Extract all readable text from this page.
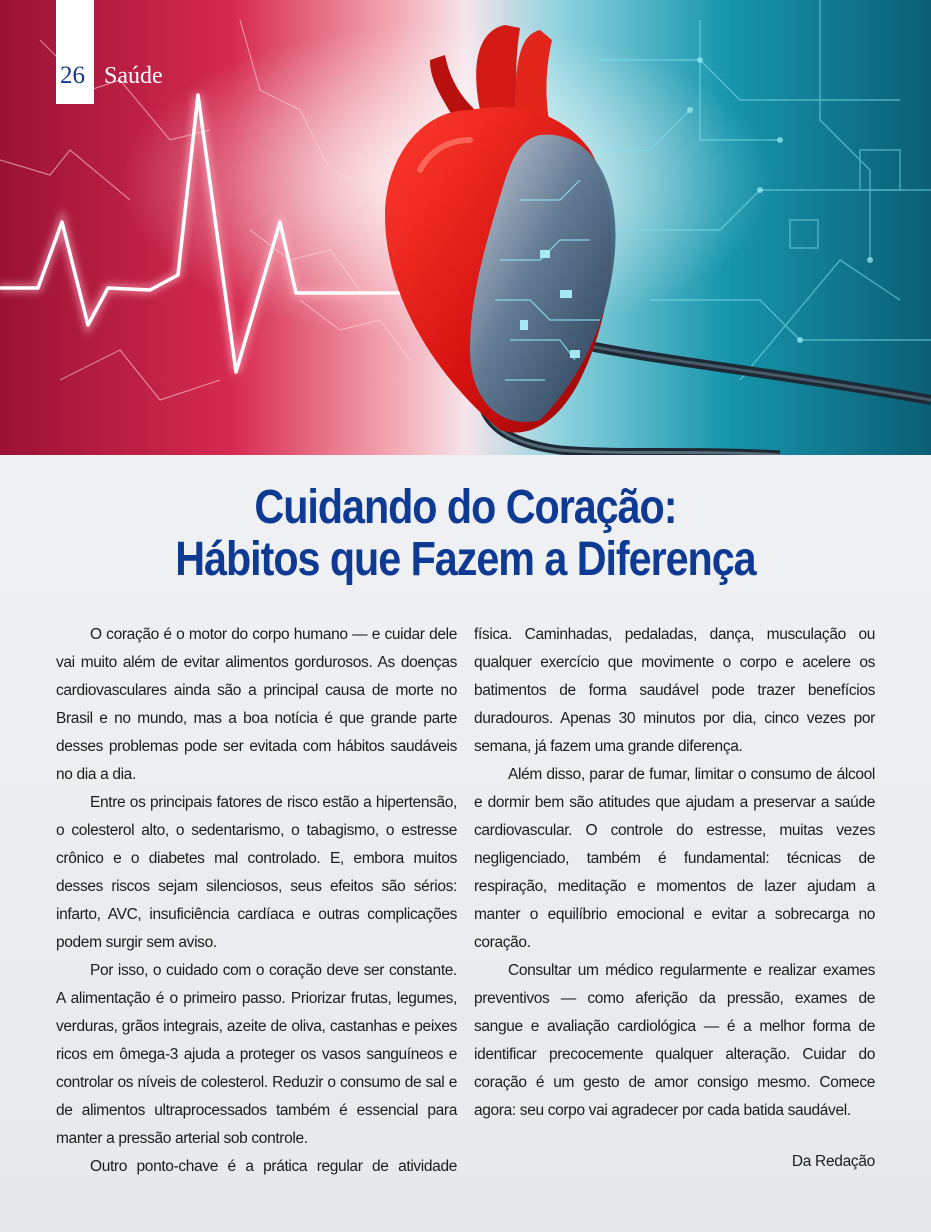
26 Saúde
Cuidando do Coração:
Hábitos que Fazem a Diferença

O coração é o motor do corpo humano — e cuidar dele vai muito além de evitar alimentos gordurosos. As doenças cardiovasculares ainda são a principal causa de morte no Brasil e no mundo, mas a boa notícia é que grande parte desses problemas pode ser evitada com hábitos saudáveis no dia a dia.

Entre os principais fatores de risco estão a hipertensão, o colesterol alto, o sedentarismo, o tabagismo, o estresse crônico e o diabetes mal controlado. E, embora muitos desses riscos sejam silenciosos, seus efeitos são sérios: infarto, AVC, insuficiência cardíaca e outras complicações podem surgir sem aviso.

Por isso, o cuidado com o coração deve ser constante. A alimentação é o primeiro passo. Priorizar frutas, legumes, verduras, grãos integrais, azeite de oliva, castanhas e peixes ricos em ômega-3 ajuda a proteger os vasos sanguíneos e controlar os níveis de colesterol. Reduzir o consumo de sal e de alimentos ultraprocessados também é essencial para manter a pressão arterial sob controle.

Outro ponto-chave é a prática regular de atividade

física. Caminhadas, pedaladas, dança, musculação ou qualquer exercício que movimente o corpo e acelere os batimentos de forma saudável pode trazer benefícios duradouros. Apenas 30 minutos por dia, cinco vezes por semana, já fazem uma grande diferença.

Além disso, parar de fumar, limitar o consumo de álcool e dormir bem são atitudes que ajudam a preservar a saúde cardiovascular. O controle do estresse, muitas vezes negligenciado, também é fundamental: técnicas de respiração, meditação e momentos de lazer ajudam a manter o equilíbrio emocional e evitar a sobrecarga no coração.

Consultar um médico regularmente e realizar exames preventivos — como aferição da pressão, exames de sangue e avaliação cardiológica — é a melhor forma de identificar precocemente qualquer alteração. Cuidar do coração é um gesto de amor consigo mesmo. Comece agora: seu corpo vai agradecer por cada batida saudável.

Da Redação
